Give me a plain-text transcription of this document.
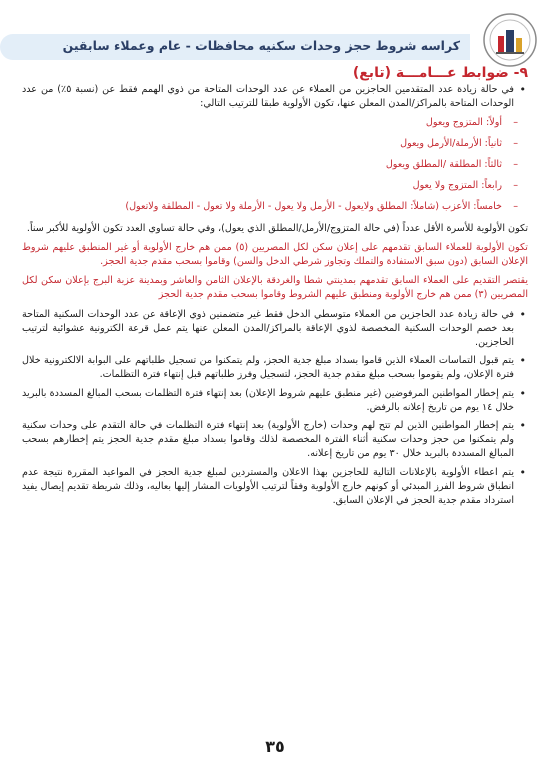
كراسه شروط حجز وحدات سكنيه محافظات - عام وعملاء سابقين
٩- ضوابط عـــامـــة (تابع)
• في حالة زيادة عدد المتقدمين الحاجزين من العملاء عن عدد الوحدات المتاحة من ذوي الهمم فقط عن (نسبة ٥٪) من عدد الوحدات المتاحة بالمراكز/المدن المعلن عنها، تكون الأولوية طبقا للترتيب التالي:
– أولاً: المتزوج ويعول
– ثانياً: الأرملة/الأرمل ويعول
– ثالثاً: المطلقة /المطلق ويعول
– رابعاً: المتزوج ولا يعول
– خامساً: الأعزب (شاملاً: المطلق ولايعول - الأرمل ولا يعول - الأرملة ولا تعول - المطلقة ولاتعول)
تكون الأولوية للأسرة الأقل عدداً (في حالة المتزوج/الأرمل/المطلق الذي يعول)، وفي حالة تساوي العدد تكون الأولوية للأكبر سناً.
تكون الأولوية للعملاء السابق تقدمهم على إعلان سكن لكل المصريين (٥) ممن هم خارج الأولوية أو غير المنطبق عليهم شروط الإعلان السابق (دون سبق الاستفادة والتملك وتجاوز شرطي الدخل والسن) وقاموا بسحب مقدم جدية الحجز.
يقتصر التقديم على العملاء السابق تقدمهم بمدينتي شطا والغردقة بالإعلان الثامن والعاشر وبمدينة عزبة البرج بإعلان سكن لكل المصريين (٣) ممن هم خارج الأولوية ومنطبق عليهم الشروط وقاموا بسحب مقدم جدية الحجز
• في حالة زيادة عدد الحاجزين من العملاء متوسطي الدخل فقط غير متضمنين ذوي الإعاقة عن عدد الوحدات السكنية المتاحة بعد خصم الوحدات السكنية المخصصة لذوي الإعاقة بالمراكز/المدن المعلن عنها يتم عمل قرعة الكترونية عشوائية لترتيب الحاجزين.
• يتم قبول التماسات العملاء الذين قاموا بسداد مبلغ جدية الحجز، ولم يتمكنوا من تسجيل طلباتهم على البوابة الالكترونية خلال فترة الإعلان، ولم يقوموا بسحب مبلغ مقدم جدية الحجز، لتسجيل وفرز طلباتهم قبل إنتهاء فترة التظلمات.
• يتم إخطار المواطنين المرفوضين (غير منطبق عليهم شروط الإعلان) بعد إنتهاء فترة التظلمات بسحب المبالغ المسددة بالبريد خلال ١٤ يوم من تاريخ إعلانه بالرفض.
• يتم إخطار المواطنين الذين لم تتح لهم وحدات (خارج الأولوية) بعد إنتهاء فترة التظلمات في حالة التقدم على وحدات سكنية ولم يتمكنوا من حجز وحدات سكنية أثناء الفترة المخصصة لذلك وقاموا بسداد مبلغ مقدم جدية الحجز يتم إخطارهم بسحب المبالغ المسددة بالبريد خلال ٣٠ يوم من تاريخ إعلانه.
• يتم اعطاء الأولوية بالإعلانات التالية للحاجزين بهذا الاعلان والمستردين لمبلغ جدية الحجز في المواعيد المقررة نتيجة عدم انطباق شروط الفرز المبدئي أو كونهم خارج الأولوية وفقاً لترتيب الأولويات المشار إليها بعاليه، وذلك شريطة تقديم إيصال يفيد استرداد مقدم جدية الحجز في الإعلان السابق.
٣٥
